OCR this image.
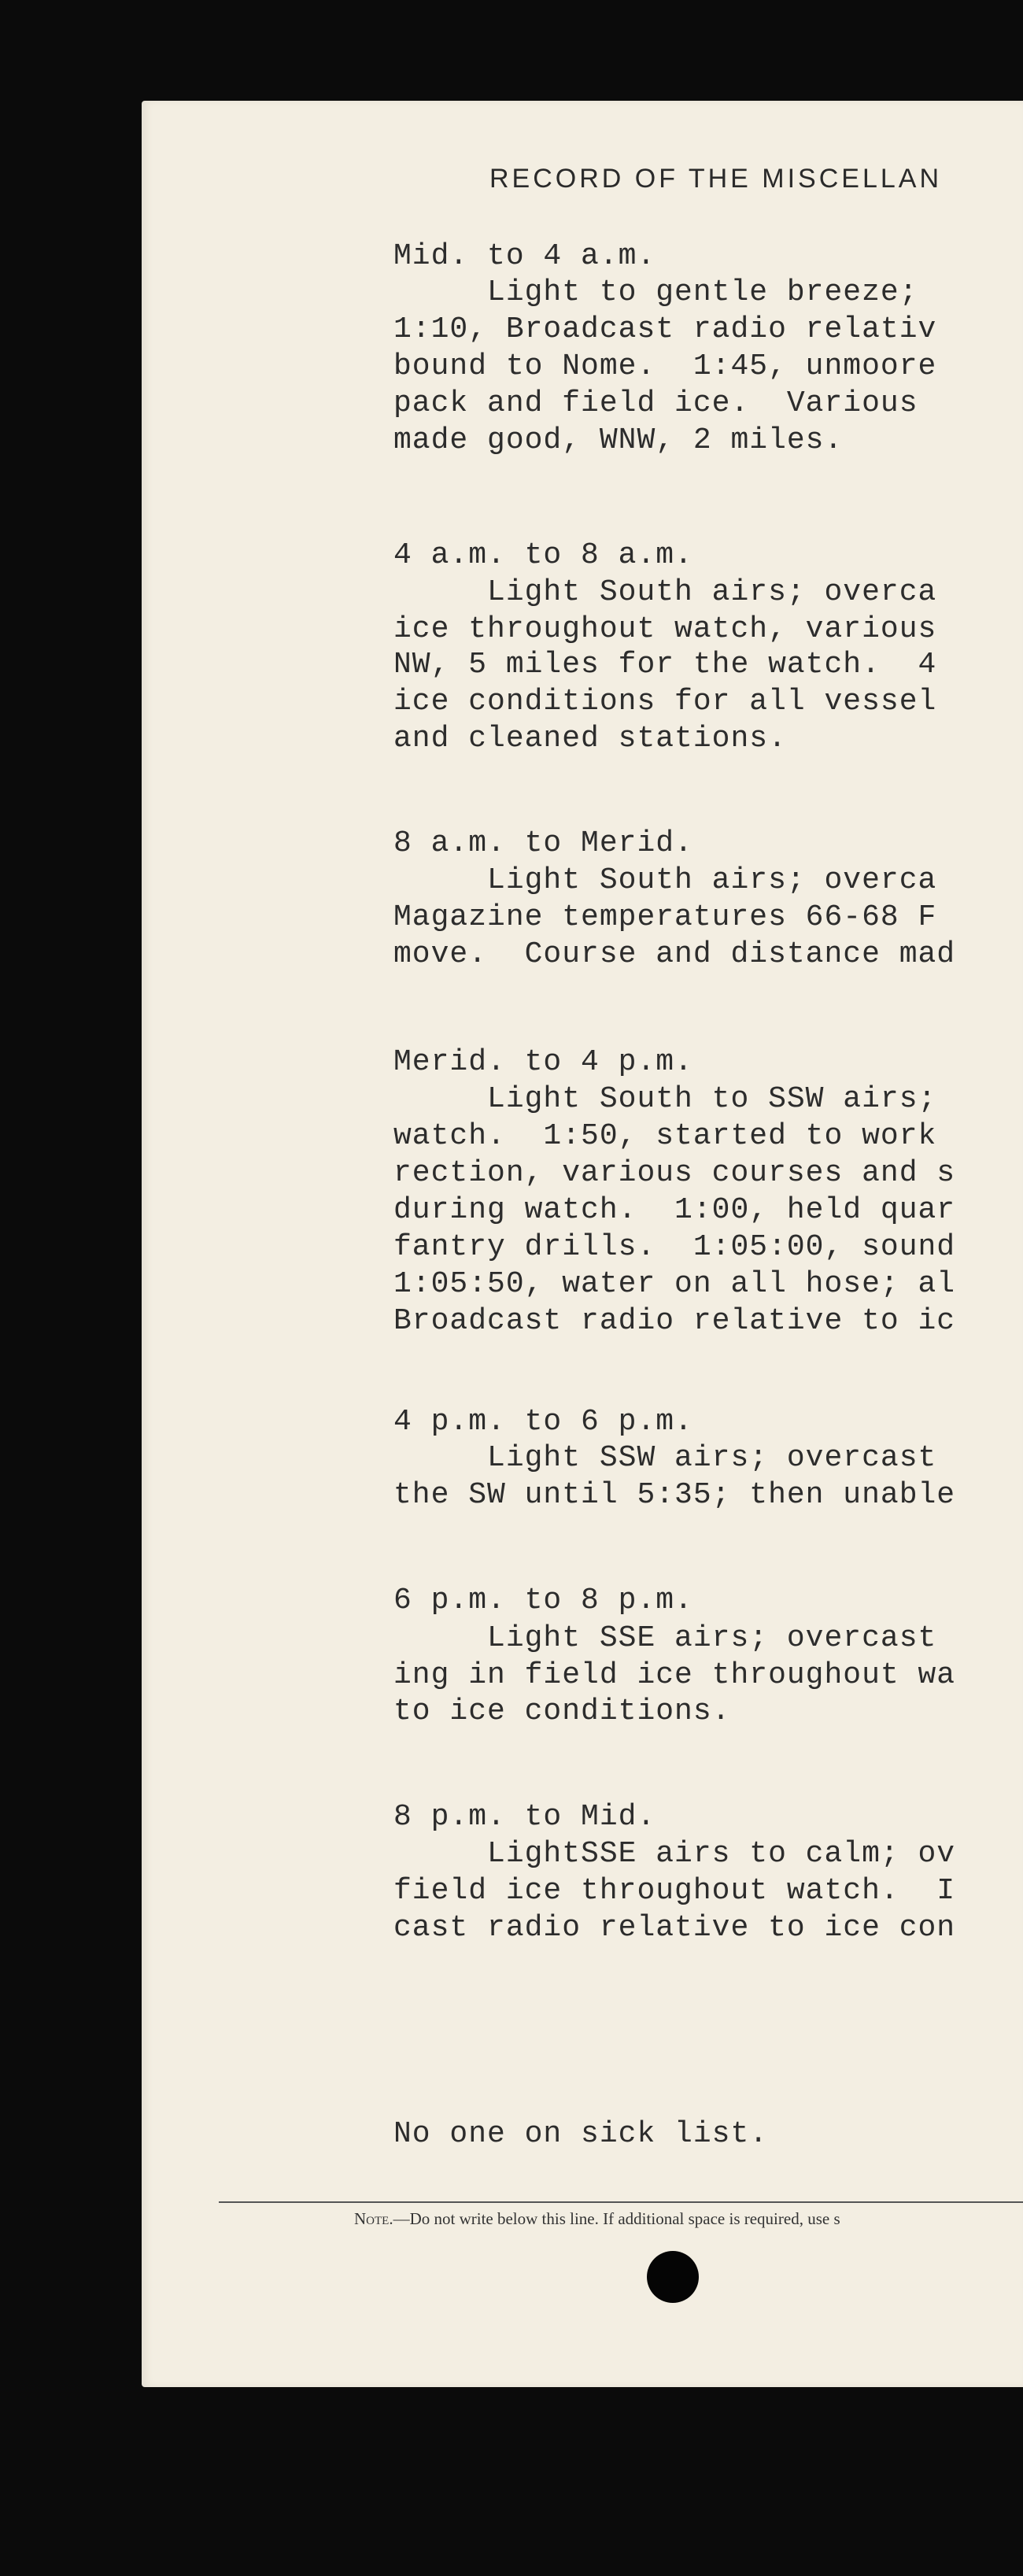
RECORD OF THE MISCELLAN
Mid. to 4 a.m.
Light to gentle breeze;
1:10, Broadcast radio relativ
bound to Nome.  1:45, unmoore
pack and field ice.  Various
made good, WNW, 2 miles.
4 a.m. to 8 a.m.
Light South airs; overca
ice throughout watch, various
NW, 5 miles for the watch.  4
ice conditions for all vessel
and cleaned stations.
8 a.m. to Merid.
Light South airs; overca
Magazine temperatures 66-68 F
move.  Course and distance mad
Merid. to 4 p.m.
Light South to SSW airs;
watch.  1:50, started to work
rection, various courses and s
during watch.  1:00, held quar
fantry drills.  1:05:00, sound
1:05:50, water on all hose; al
Broadcast radio relative to ic
4 p.m. to 6 p.m.
Light SSW airs; overcast
the SW until 5:35; then unable
6 p.m. to 8 p.m.
Light SSE airs; overcast
ing in field ice throughout wa
to ice conditions.
8 p.m. to Mid.
LightSSE airs to calm; ov
field ice throughout watch.  I
cast radio relative to ice con
No one on sick list.
Note.—Do not write below this line. If additional space is required, use s
